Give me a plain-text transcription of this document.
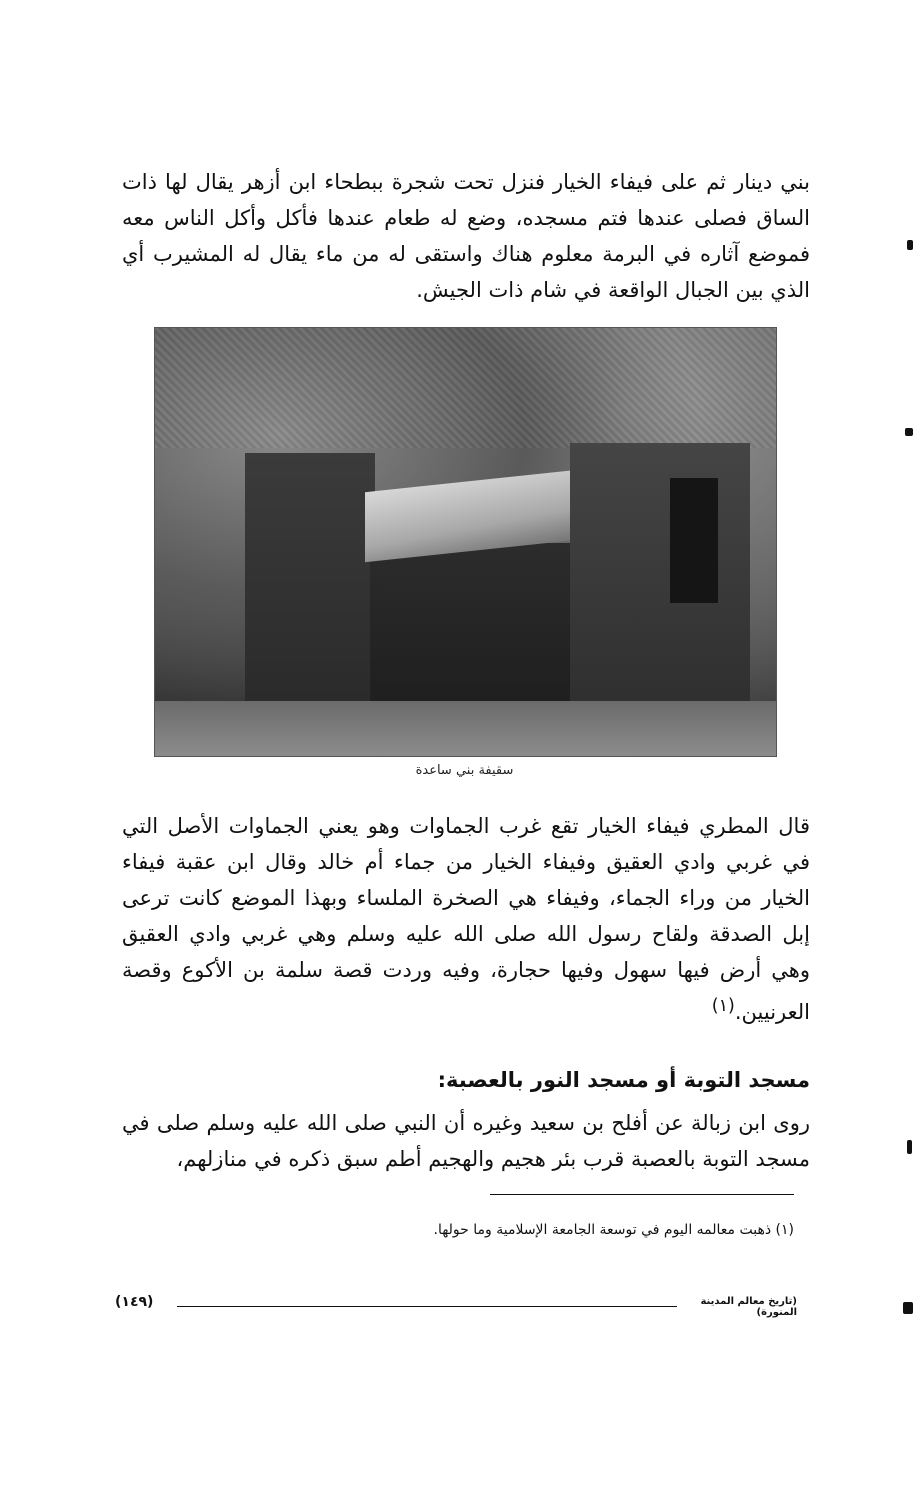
بني دينار ثم على فيفاء الخيار فنزل تحت شجرة ببطحاء ابن أزهر يقال لها ذات الساق فصلى عندها فتم مسجده، وضع له طعام عندها فأكل وأكل الناس معه فموضع آثاره في البرمة معلوم هناك واستقى له من ماء يقال له المشيرب أي الذي بين الجبال الواقعة في شام ذات الجيش.

سقيفة بني ساعدة

قال المطري فيفاء الخيار تقع غرب الجماوات وهو يعني الجماوات الأصل التي في غربي وادي العقيق وفيفاء الخيار من جماء أم خالد وقال ابن عقبة فيفاء الخيار من وراء الجماء، وفيفاء هي الصخرة الملساء وبهذا الموضع كانت ترعى إبل الصدقة ولقاح رسول الله صلى الله عليه وسلم وهي غربي وادي العقيق وهي أرض فيها سهول وفيها حجارة، وفيه وردت قصة سلمة بن الأكوع وقصة العرنيين.$^{(١)}$

مسجد التوبة أو مسجد النور بالعصبة:

روى ابن زبالة عن أفلح بن سعيد وغيره أن النبي صلى الله عليه وسلم صلى في مسجد التوبة بالعصبة قرب بئر هجيم والهجيم أطم سبق ذكره في منازلهم،

(١) ذهبت معالمه اليوم في توسعة الجامعة الإسلامية وما حولها.
(تاريخ معالم المدينة المنورة)
(١٤٩)
